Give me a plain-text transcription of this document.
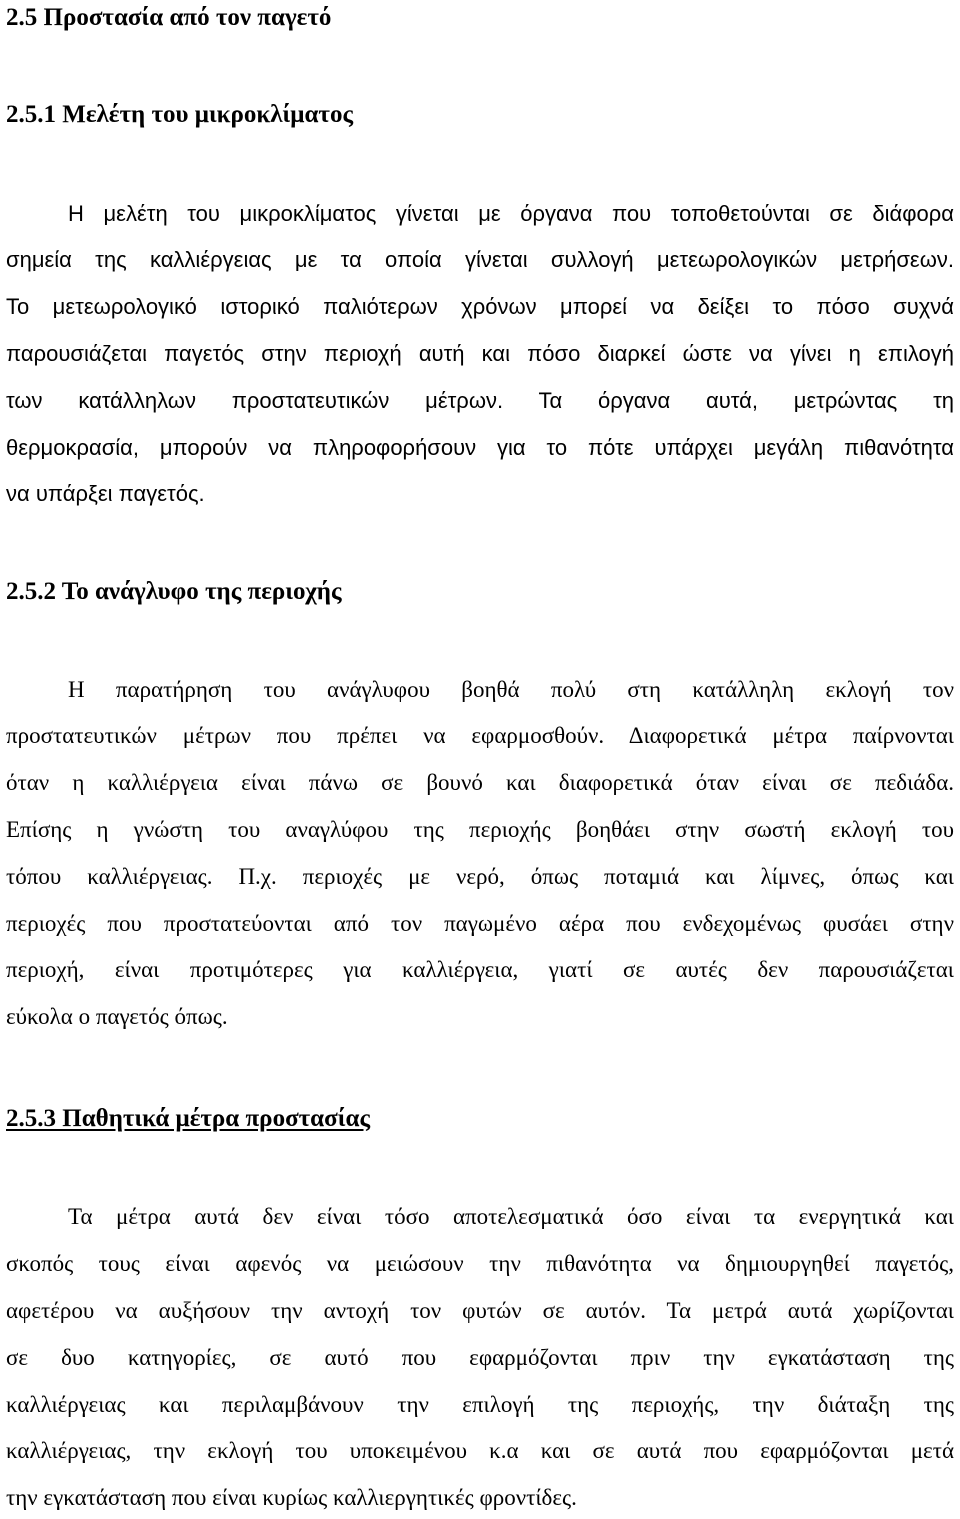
2.5 Προστασία από τον παγετό
2.5.1 Μελέτη του μικροκλίματος

Η μελέτη του μικροκλίματος γίνεται με όργανα που τοποθετούνται σε διάφορα

σημεία της καλλιέργειας με τα οποία γίνεται συλλογή μετεωρολογικών μετρήσεων.

Το μετεωρολογικό ιστορικό παλιότερων χρόνων μπορεί να δείξει το πόσο συχνά

παρουσιάζεται παγετός στην περιοχή αυτή και πόσο διαρκεί ώστε να γίνει η επιλογή

των κατάλληλων προστατευτικών μέτρων. Τα όργανα αυτά, μετρώντας τη

θερμοκρασία, μπορούν να πληροφορήσουν για το πότε υπάρχει μεγάλη πιθανότητα

να υπάρξει παγετός.

2.5.2 Το ανάγλυφο της περιοχής

Η παρατήρηση του ανάγλυφου βοηθά πολύ στη κατάλληλη εκλογή τον

προστατευτικών μέτρων που πρέπει να εφαρμοσθούν. Διαφορετικά μέτρα παίρνονται

όταν η καλλιέργεια είναι πάνω σε βουνό και διαφορετικά όταν είναι σε πεδιάδα.

Επίσης η γνώστη του αναγλύφου της περιοχής βοηθάει στην σωστή εκλογή του

τόπου καλλιέργειας. Π.χ. περιοχές με νερό, όπως ποταμιά και λίμνες, όπως και

περιοχές που προστατεύονται από τον παγωμένο αέρα που ενδεχομένως φυσάει στην

περιοχή, είναι προτιμότερες για καλλιέργεια, γιατί σε αυτές δεν παρουσιάζεται

εύκολα ο παγετός όπως.

2.5.3 Παθητικά μέτρα προστασίας

Τα μέτρα αυτά δεν είναι τόσο αποτελεσματικά όσο είναι τα ενεργητικά και

σκοπός τους είναι αφενός να μειώσουν την πιθανότητα να δημιουργηθεί παγετός,

αφετέρου να αυξήσουν την αντοχή τον φυτών σε αυτόν. Τα μετρά αυτά χωρίζονται

σε δυο κατηγορίες, σε αυτό που εφαρμόζονται πριν την εγκατάσταση της

καλλιέργειας και περιλαμβάνουν την επιλογή της περιοχής, την διάταξη της

καλλιέργειας, την εκλογή του υποκειμένου κ.α και σε αυτά που εφαρμόζονται μετά

την εγκατάσταση που είναι κυρίως καλλιεργητικές φροντίδες.
